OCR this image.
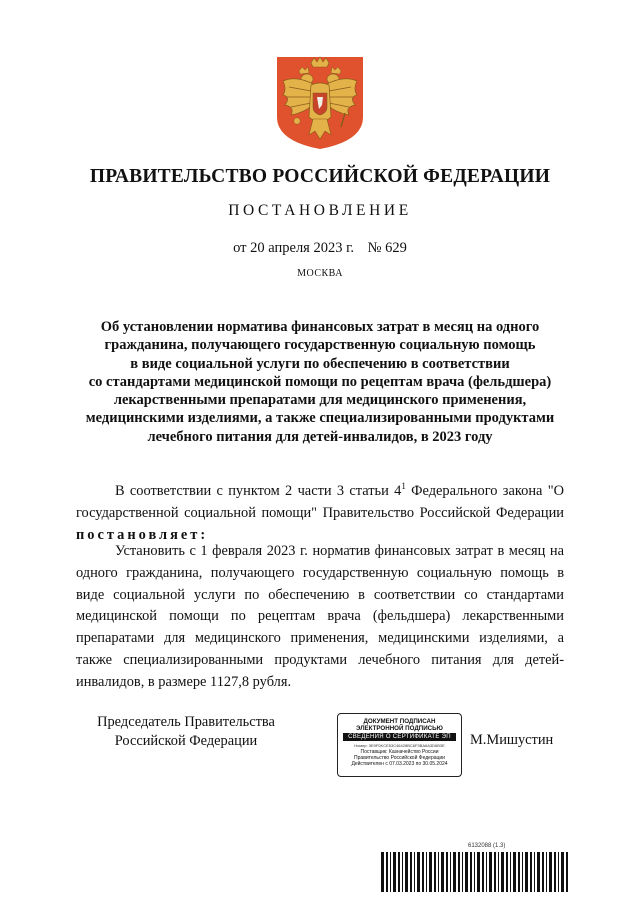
ПРАВИТЕЛЬСТВО РОССИЙСКОЙ ФЕДЕРАЦИИ
ПОСТАНОВЛЕНИЕ
от 20 апреля 2023 г. № 629
МОСКВА
Об установлении норматива финансовых затрат в месяц на одного
гражданина, получающего государственную социальную помощь
в виде социальной услуги по обеспечению в соответствии
со стандартами медицинской помощи по рецептам врача (фельдшера)
лекарственными препаратами для медицинского применения,
медицинскими изделиями, а также специализированными продуктами
лечебного питания для детей-инвалидов, в 2023 году

В соответствии с пунктом 2 части 3 статьи $4^1$ Федерального закона "О государственной социальной помощи" Правительство Российской Федерации постановляет:

Установить с 1 февраля 2023 г. норматив финансовых затрат в месяц на одного гражданина, получающего государственную социальную помощь в виде социальной услуги по обеспечению в соответствии со стандартами медицинской помощи по рецептам врача (фельдшера) лекарственными препаратами для медицинского применения, медицинскими изделиями, а также специализированными продуктами лечебного питания для детей-инвалидов, в размере 1127,8 рубля.

Председатель Правительства
Российской Федерации
ДОКУМЕНТ ПОДПИСАН
ЭЛЕКТРОННОЙ ПОДПИСЬЮ
СВЕДЕНИЯ О СЕРТИФИКАТЕ ЭП
Номер: 3E9F0KCE53C46428BC6F3BA6A3D6B3E
Поставщик: Казначейство России
Правительство Российской Федерации
Действителен с 07.03.2023 по 30.05.2024
М.Мишустин
6132088 (1.3)
